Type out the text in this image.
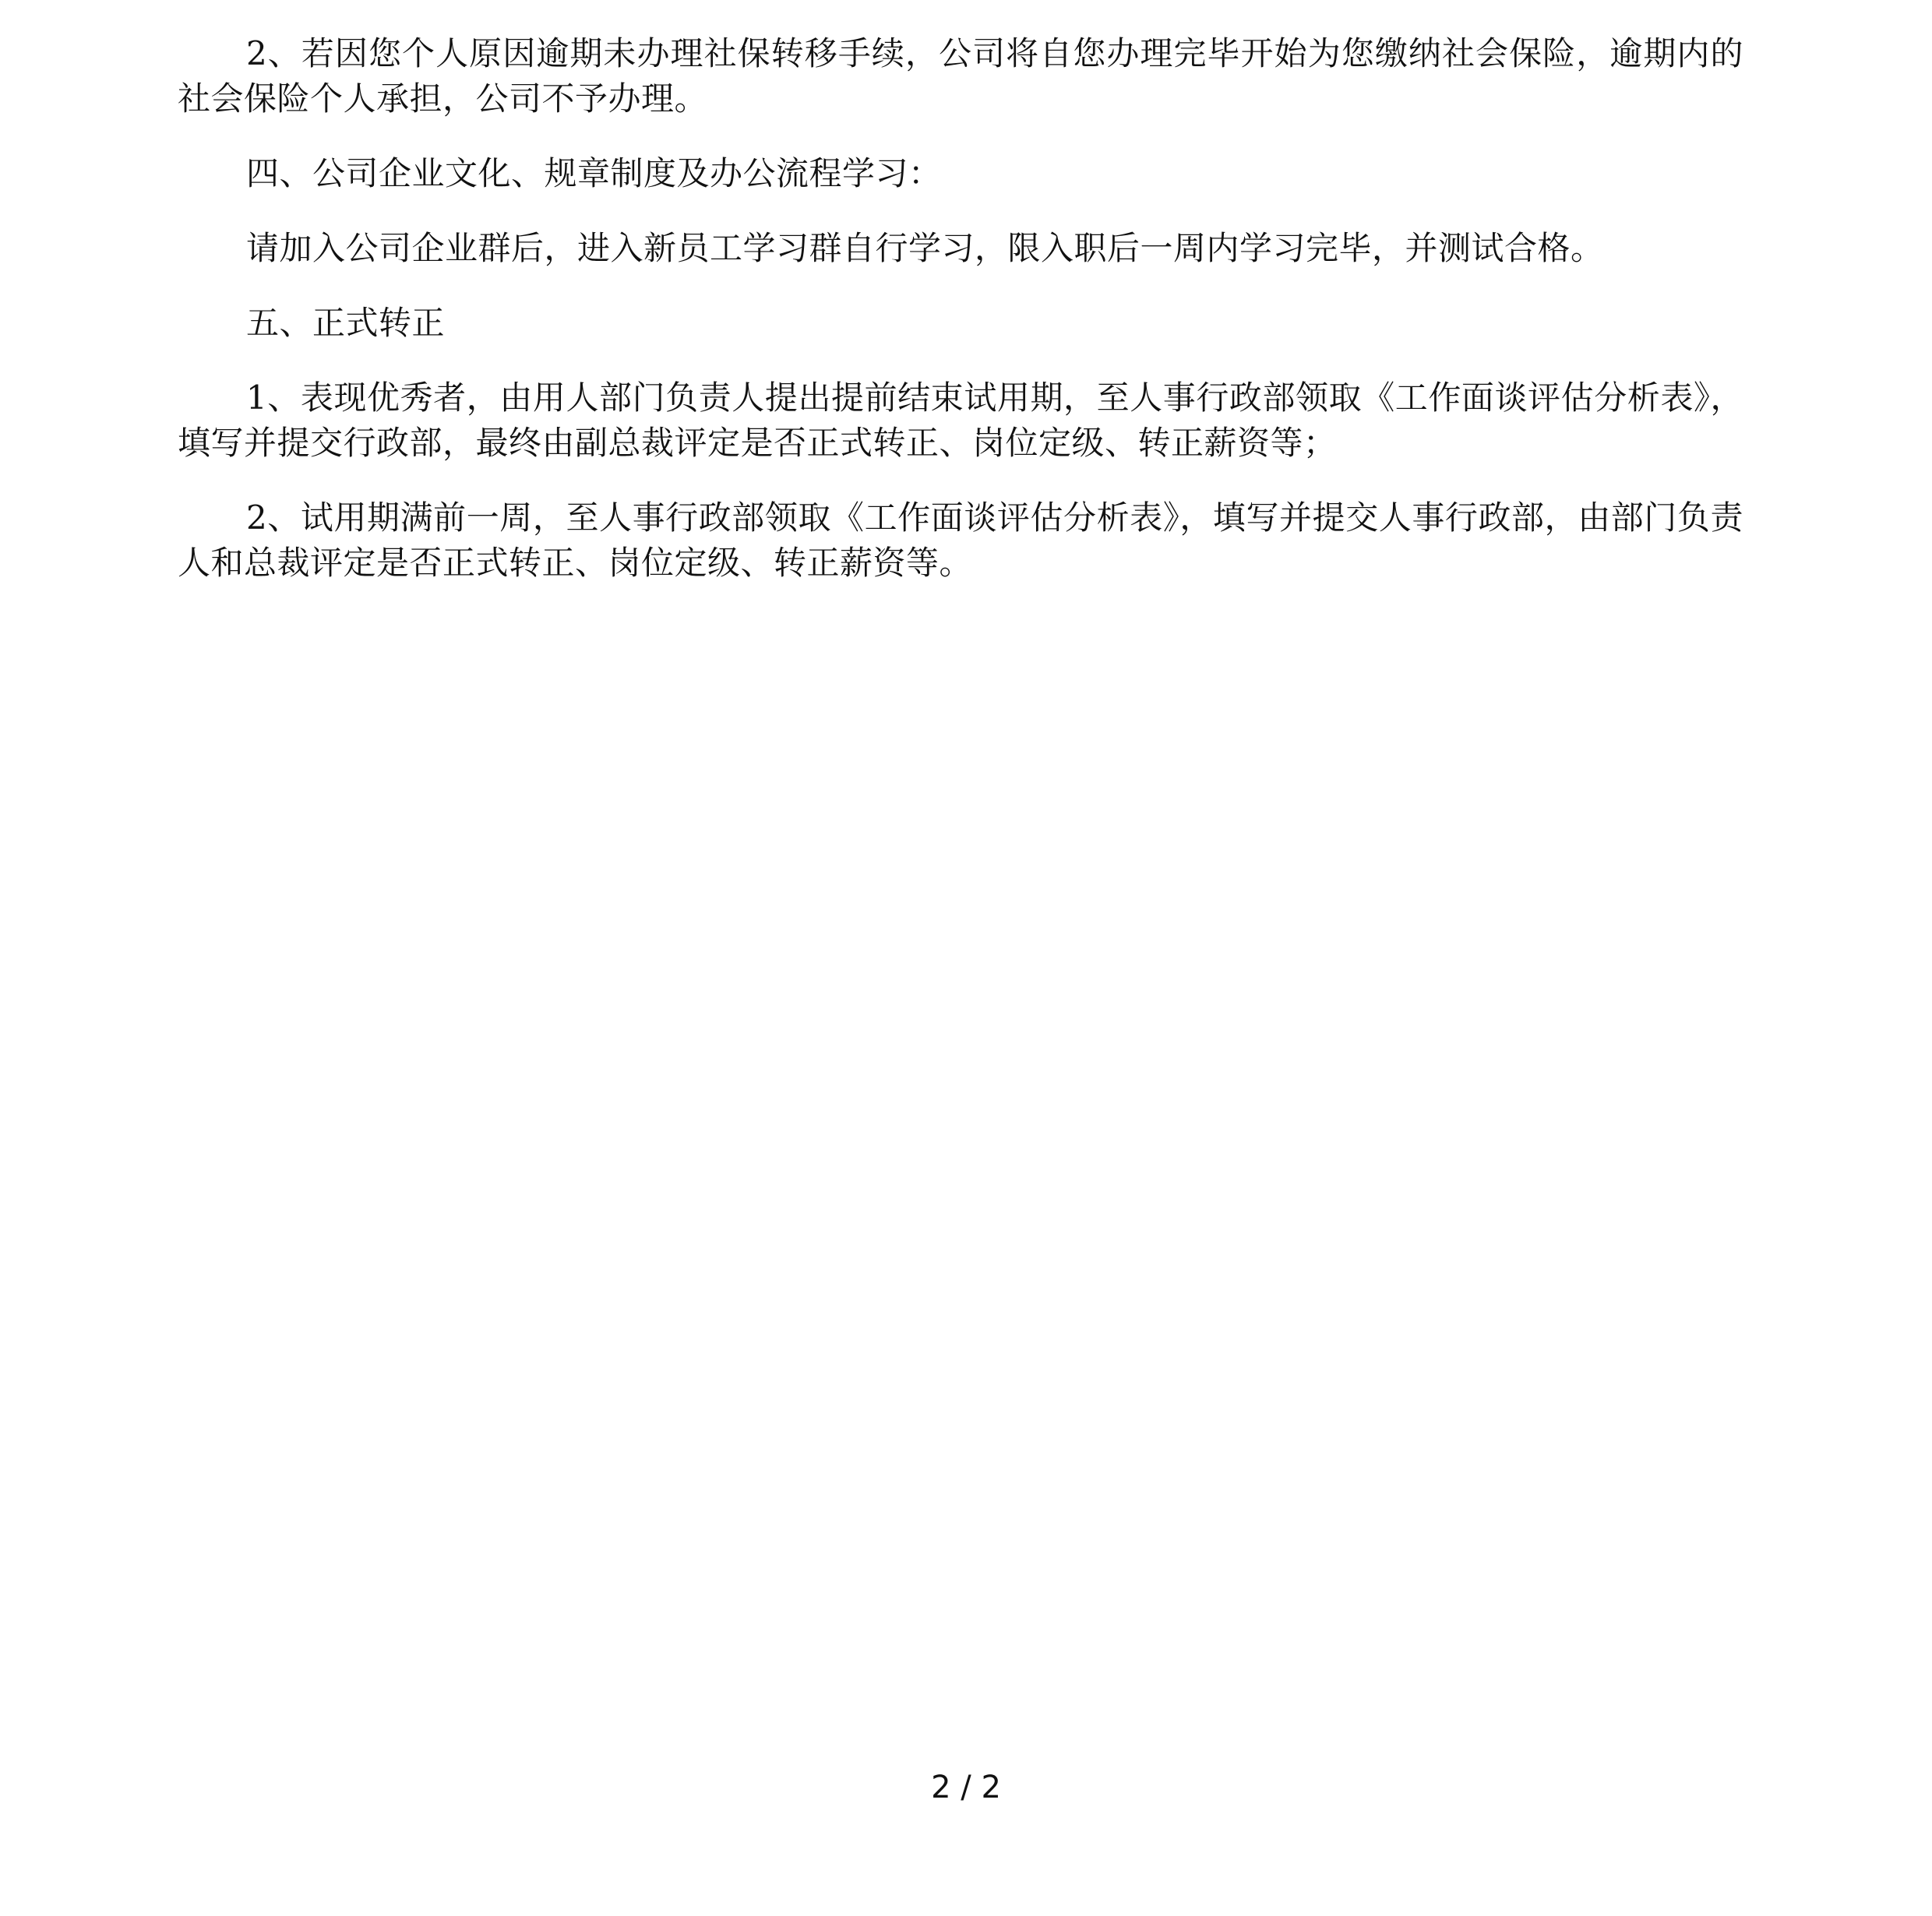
2、若因您个人原因逾期未办理社保转移手续，公司将自您办理完毕开始为您缴纳社会保险，逾期内的社会保险个人承担，公司不予办理。

四、公司企业文化、规章制度及办公流程学习：

请加入公司企业群后，进入新员工学习群自行学习，限入职后一周内学习完毕，并测试合格。

五、正式转正

1、表现优秀者，由用人部门负责人提出提前结束试用期，至人事行政部领取《工作面谈评估分析表》，填写并提交行政部，最终由副总裁评定是否正式转正、岗位定级、转正薪资等；

2、试用期满前一周，至人事行政部领取《工作面谈评估分析表》，填写并提交人事行政部，由部门负责人和总裁评定是否正式转正、岗位定级、转正薪资等。

2 / 2
